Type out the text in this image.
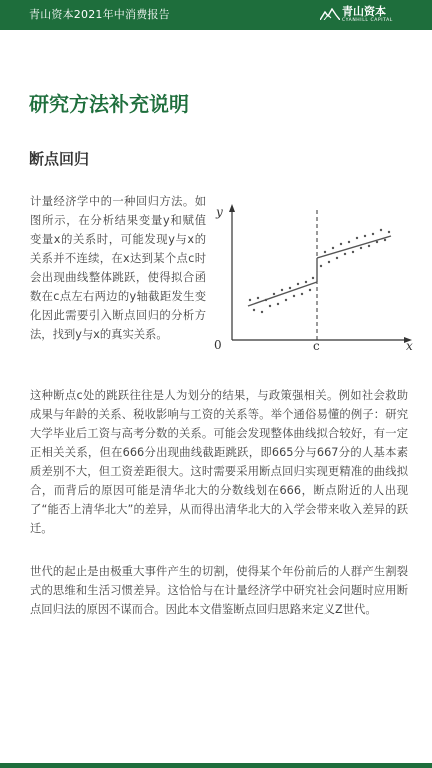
青山资本2021年中消费报告	青山资本
CYANHILL CAPITAL
研究方法补充说明
断点回归

计量经济学中的一种回归方法。如图所示，在分析结果变量y和赋值变量x的关系时，可能发现y与x的关系并不连续，在x达到某个点c时会出现曲线整体跳跃，使得拟合函数在c点左右两边的y轴截距发生变化因此需要引入断点回归的分析方法，找到y与x的真实关系。

0	c	x
y

这种断点c处的跳跃往往是人为划分的结果，与政策强相关。例如社会救助成果与年龄的关系、税收影响与工资的关系等。举个通俗易懂的例子：研究大学毕业后工资与高考分数的关系。可能会发现整体曲线拟合较好，有一定正相关关系，但在666分出现曲线截距跳跃，即665分与667分的人基本素质差别不大，但工资差距很大。这时需要采用断点回归实现更精准的曲线拟合，而背后的原因可能是清华北大的分数线划在666，断点附近的人出现了“能否上清华北大”的差异，从而得出清华北大的入学会带来收入差异的跃迁。

世代的起止是由极重大事件产生的切割，使得某个年份前后的人群产生割裂式的思维和生活习惯差异。这恰恰与在计量经济学中研究社会问题时应用断点回归法的原因不谋而合。因此本文借鉴断点回归思路来定义Z世代。
